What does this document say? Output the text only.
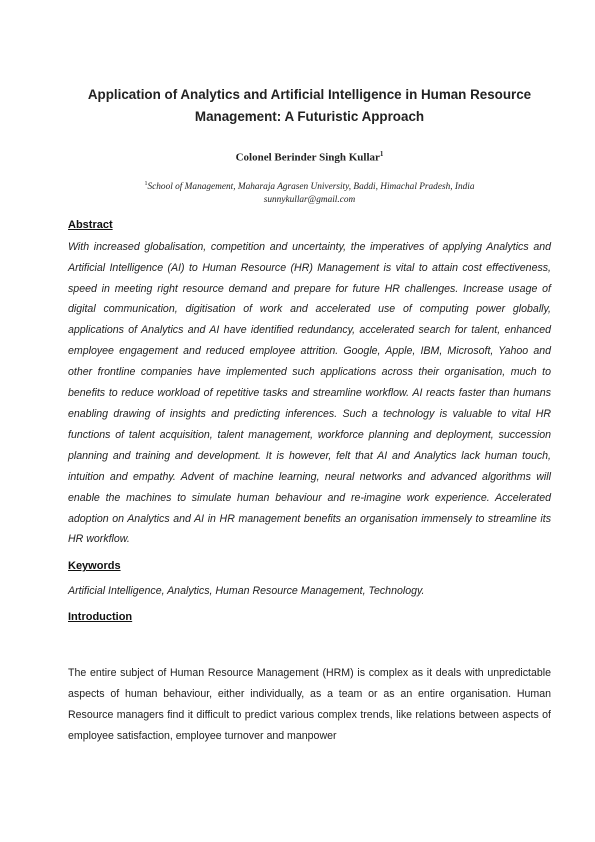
Application of Analytics and Artificial Intelligence in Human Resource Management: A Futuristic Approach
Colonel Berinder Singh Kullar$^1$
$^1$School of Management, Maharaja Agrasen University, Baddi, Himachal Pradesh, India
sunnykullar@gmail.com
Abstract
With increased globalisation, competition and uncertainty, the imperatives of applying Analytics and Artificial Intelligence (AI) to Human Resource (HR) Management is vital to attain cost effectiveness, speed in meeting right resource demand and prepare for future HR challenges. Increase usage of digital communication, digitisation of work and accelerated use of computing power globally, applications of Analytics and AI have identified redundancy, accelerated search for talent, enhanced employee engagement and reduced employee attrition. Google, Apple, IBM, Microsoft, Yahoo and other frontline companies have implemented such applications across their organisation, much to benefits to reduce workload of repetitive tasks and streamline workflow. AI reacts faster than humans enabling drawing of insights and predicting inferences. Such a technology is valuable to vital HR functions of talent acquisition, talent management, workforce planning and deployment, succession planning and training and development. It is however, felt that AI and Analytics lack human touch, intuition and empathy. Advent of machine learning, neural networks and advanced algorithms will enable the machines to simulate human behaviour and re-imagine work experience. Accelerated adoption on Analytics and AI in HR management benefits an organisation immensely to streamline its HR workflow.
Keywords
Artificial Intelligence, Analytics, Human Resource Management, Technology.
Introduction
The entire subject of Human Resource Management (HRM) is complex as it deals with unpredictable aspects of human behaviour, either individually, as a team or as an entire organisation. Human Resource managers find it difficult to predict various complex trends, like relations between aspects of employee satisfaction, employee turnover and manpower
